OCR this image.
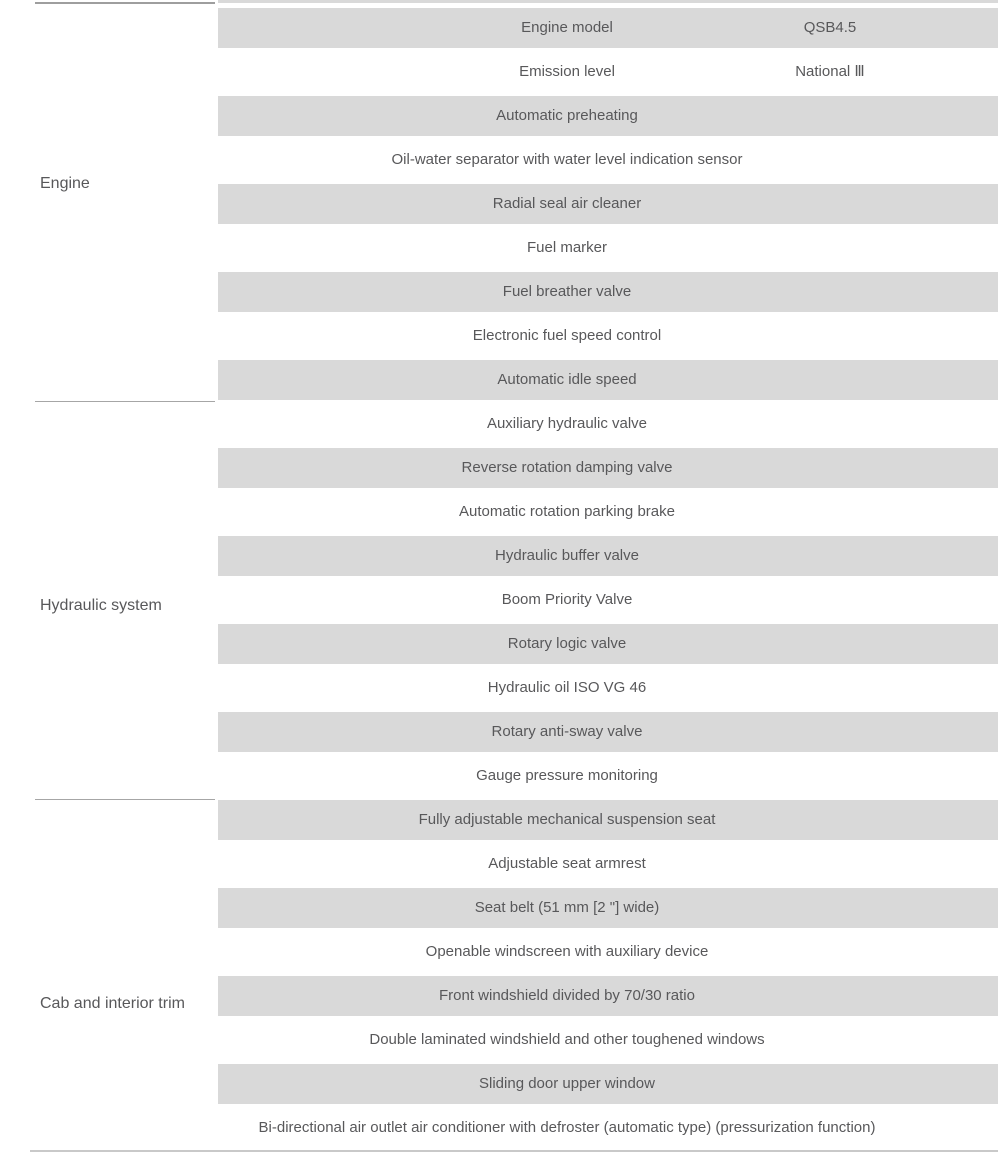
Engine
Hydraulic system
Cab and interior trim
Engine model	QSB4.5
Emission level	National Ⅲ
Automatic preheating
Oil-water separator with water level indication sensor
Radial seal air cleaner
Fuel marker
Fuel breather valve
Electronic fuel speed control
Automatic idle speed
Auxiliary hydraulic valve
Reverse rotation damping valve
Automatic rotation parking brake
Hydraulic buffer valve
Boom Priority Valve
Rotary logic valve
Hydraulic oil ISO VG 46
Rotary anti-sway valve
Gauge pressure monitoring
Fully adjustable mechanical suspension seat
Adjustable seat armrest
Seat belt (51 mm [2 "] wide)
Openable windscreen with auxiliary device
Front windshield divided by 70/30 ratio
Double laminated windshield and other toughened windows
Sliding door upper window
Bi-directional air outlet air conditioner with defroster (automatic type) (pressurization function)
